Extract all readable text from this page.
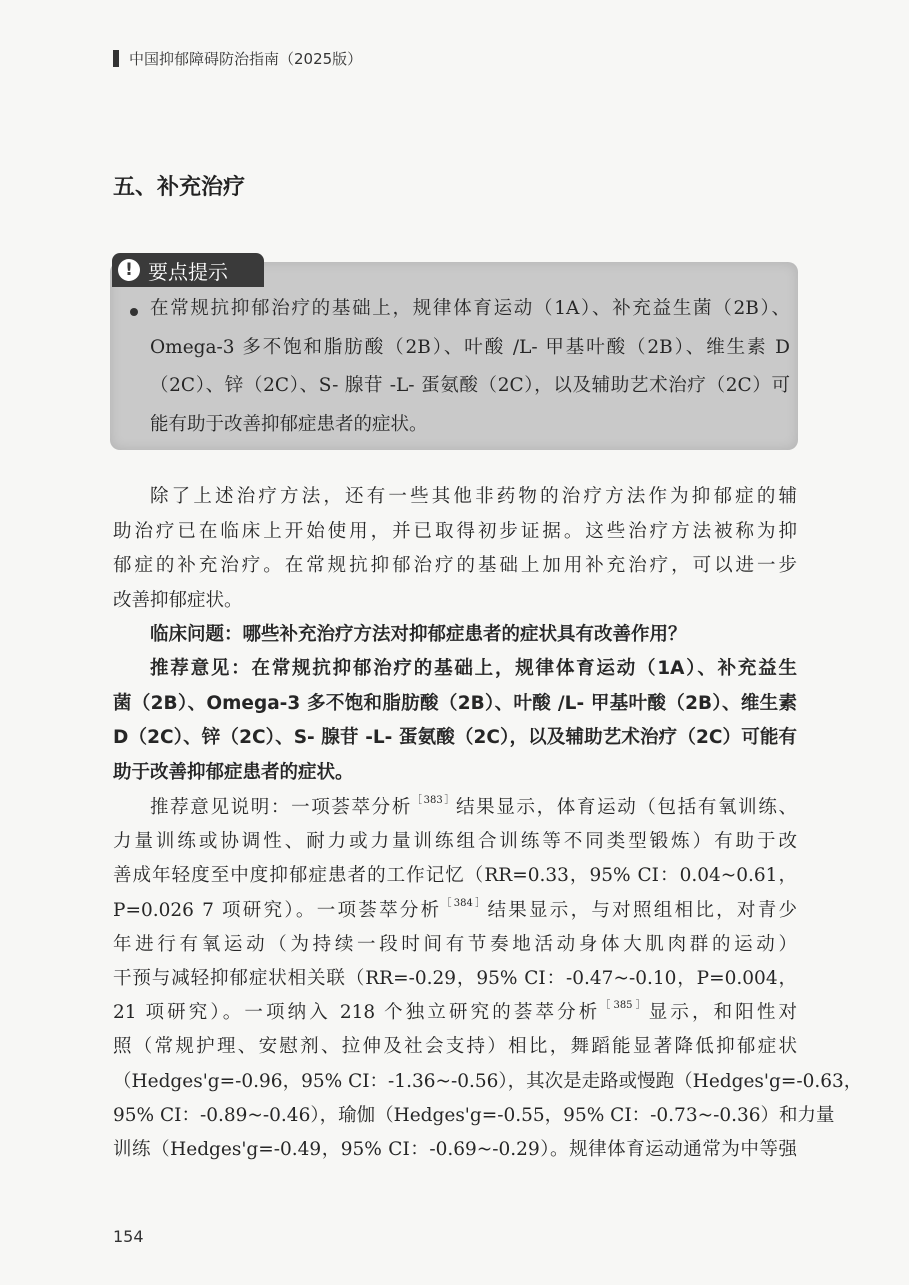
中国抑郁障碍防治指南（2025版）
五、补充治疗
! 要点提示
在常规抗抑郁治疗的基础上，规律体育运动（1A）、补充益生菌（2B）、
Omega-3 多不饱和脂肪酸（2B）、叶酸 /L- 甲基叶酸（2B）、维生素 D
（2C）、锌（2C）、S- 腺苷 -L- 蛋氨酸（2C），以及辅助艺术治疗（2C）可
能有助于改善抑郁症患者的症状。
除了上述治疗方法，还有一些其他非药物的治疗方法作为抑郁症的辅
助治疗已在临床上开始使用，并已取得初步证据。这些治疗方法被称为抑
郁症的补充治疗。在常规抗抑郁治疗的基础上加用补充治疗，可以进一步
改善抑郁症状。
临床问题：哪些补充治疗方法对抑郁症患者的症状具有改善作用？
推荐意见：在常规抗抑郁治疗的基础上，规律体育运动（1A）、补充益生
菌（2B）、Omega-3 多不饱和脂肪酸（2B）、叶酸 /L- 甲基叶酸（2B）、维生素
D（2C）、锌（2C）、S- 腺苷 -L- 蛋氨酸（2C），以及辅助艺术治疗（2C）可能有
助于改善抑郁症患者的症状。
推荐意见说明：一项荟萃分析$^{[383]}$结果显示，体育运动（包括有氧训练、
力量训练或协调性、耐力或力量训练组合训练等不同类型锻炼）有助于改
善成年轻度至中度抑郁症患者的工作记忆（RR=0.33，95% CI：0.04~0.61，
P=0.026 7 项研究）。一项荟萃分析$^{[384]}$结果显示，与对照组相比，对青少
年进行有氧运动（为持续一段时间有节奏地活动身体大肌肉群的运动）
干预与减轻抑郁症状相关联（RR=-0.29，95% CI：-0.47~-0.10，P=0.004，
21 项研究）。一项纳入 218 个独立研究的荟萃分析$^{[385]}$显示，和阳性对
照（常规护理、安慰剂、拉伸及社会支持）相比，舞蹈能显著降低抑郁症状
（Hedges'g=-0.96，95% CI：-1.36~-0.56），其次是走路或慢跑（Hedges'g=-0.63，
95% CI：-0.89~-0.46），瑜伽（Hedges'g=-0.55，95% CI：-0.73~-0.36）和力量
训练（Hedges'g=-0.49，95% CI：-0.69~-0.29）。规律体育运动通常为中等强
154
